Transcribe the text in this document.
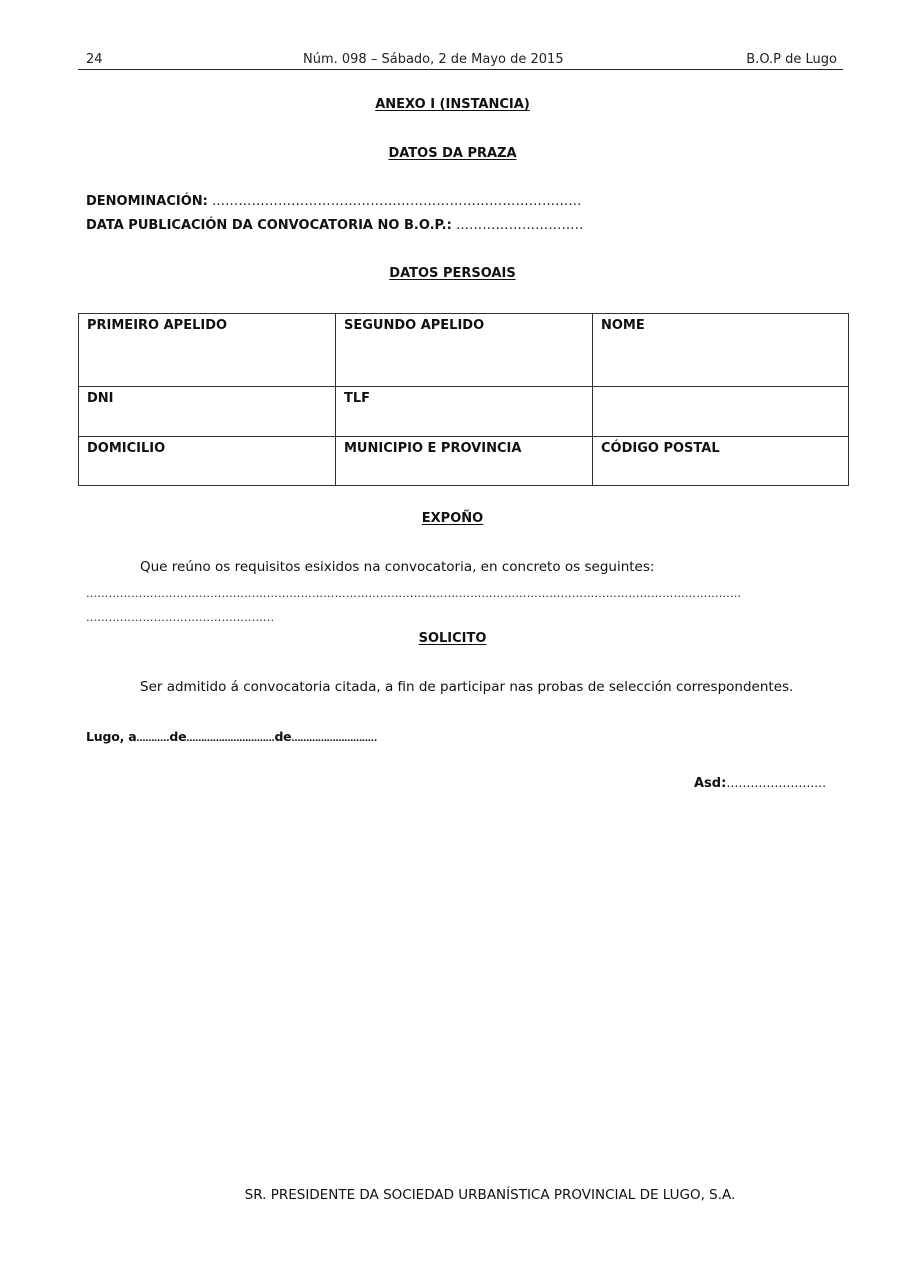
24	Núm. 098 – Sábado, 2 de Mayo de 2015	B.O.P de Lugo
ANEXO I (INSTANCIA)
DATOS DA PRAZA
DENOMINACIÓN: …………………………………………………………………………
DATA PUBLICACIÓN DA CONVOCATORIA NO B.O.P.: ………………………..
DATOS PERSOAIS
PRIMEIRO APELIDO	SEGUNDO APELIDO	NOME
DNI	TLF	
DOMICILIO	MUNICIPIO E PROVINCIA	CÓDIGO POSTAL
EXPOÑO
Que reúno os requisitos esixidos na convocatoria, en concreto os seguintes:
…………………………………………………………………………………………………………………………………………………………
…………………………………………..
SOLICITO
Ser admitido á convocatoria citada, a fin de participar nas probas de selección correspondentes.
Lugo, a………..de…………………………de………………………..
Asd:………………….…
SR. PRESIDENTE DA SOCIEDAD URBANÍSTICA PROVINCIAL DE LUGO, S.A.
